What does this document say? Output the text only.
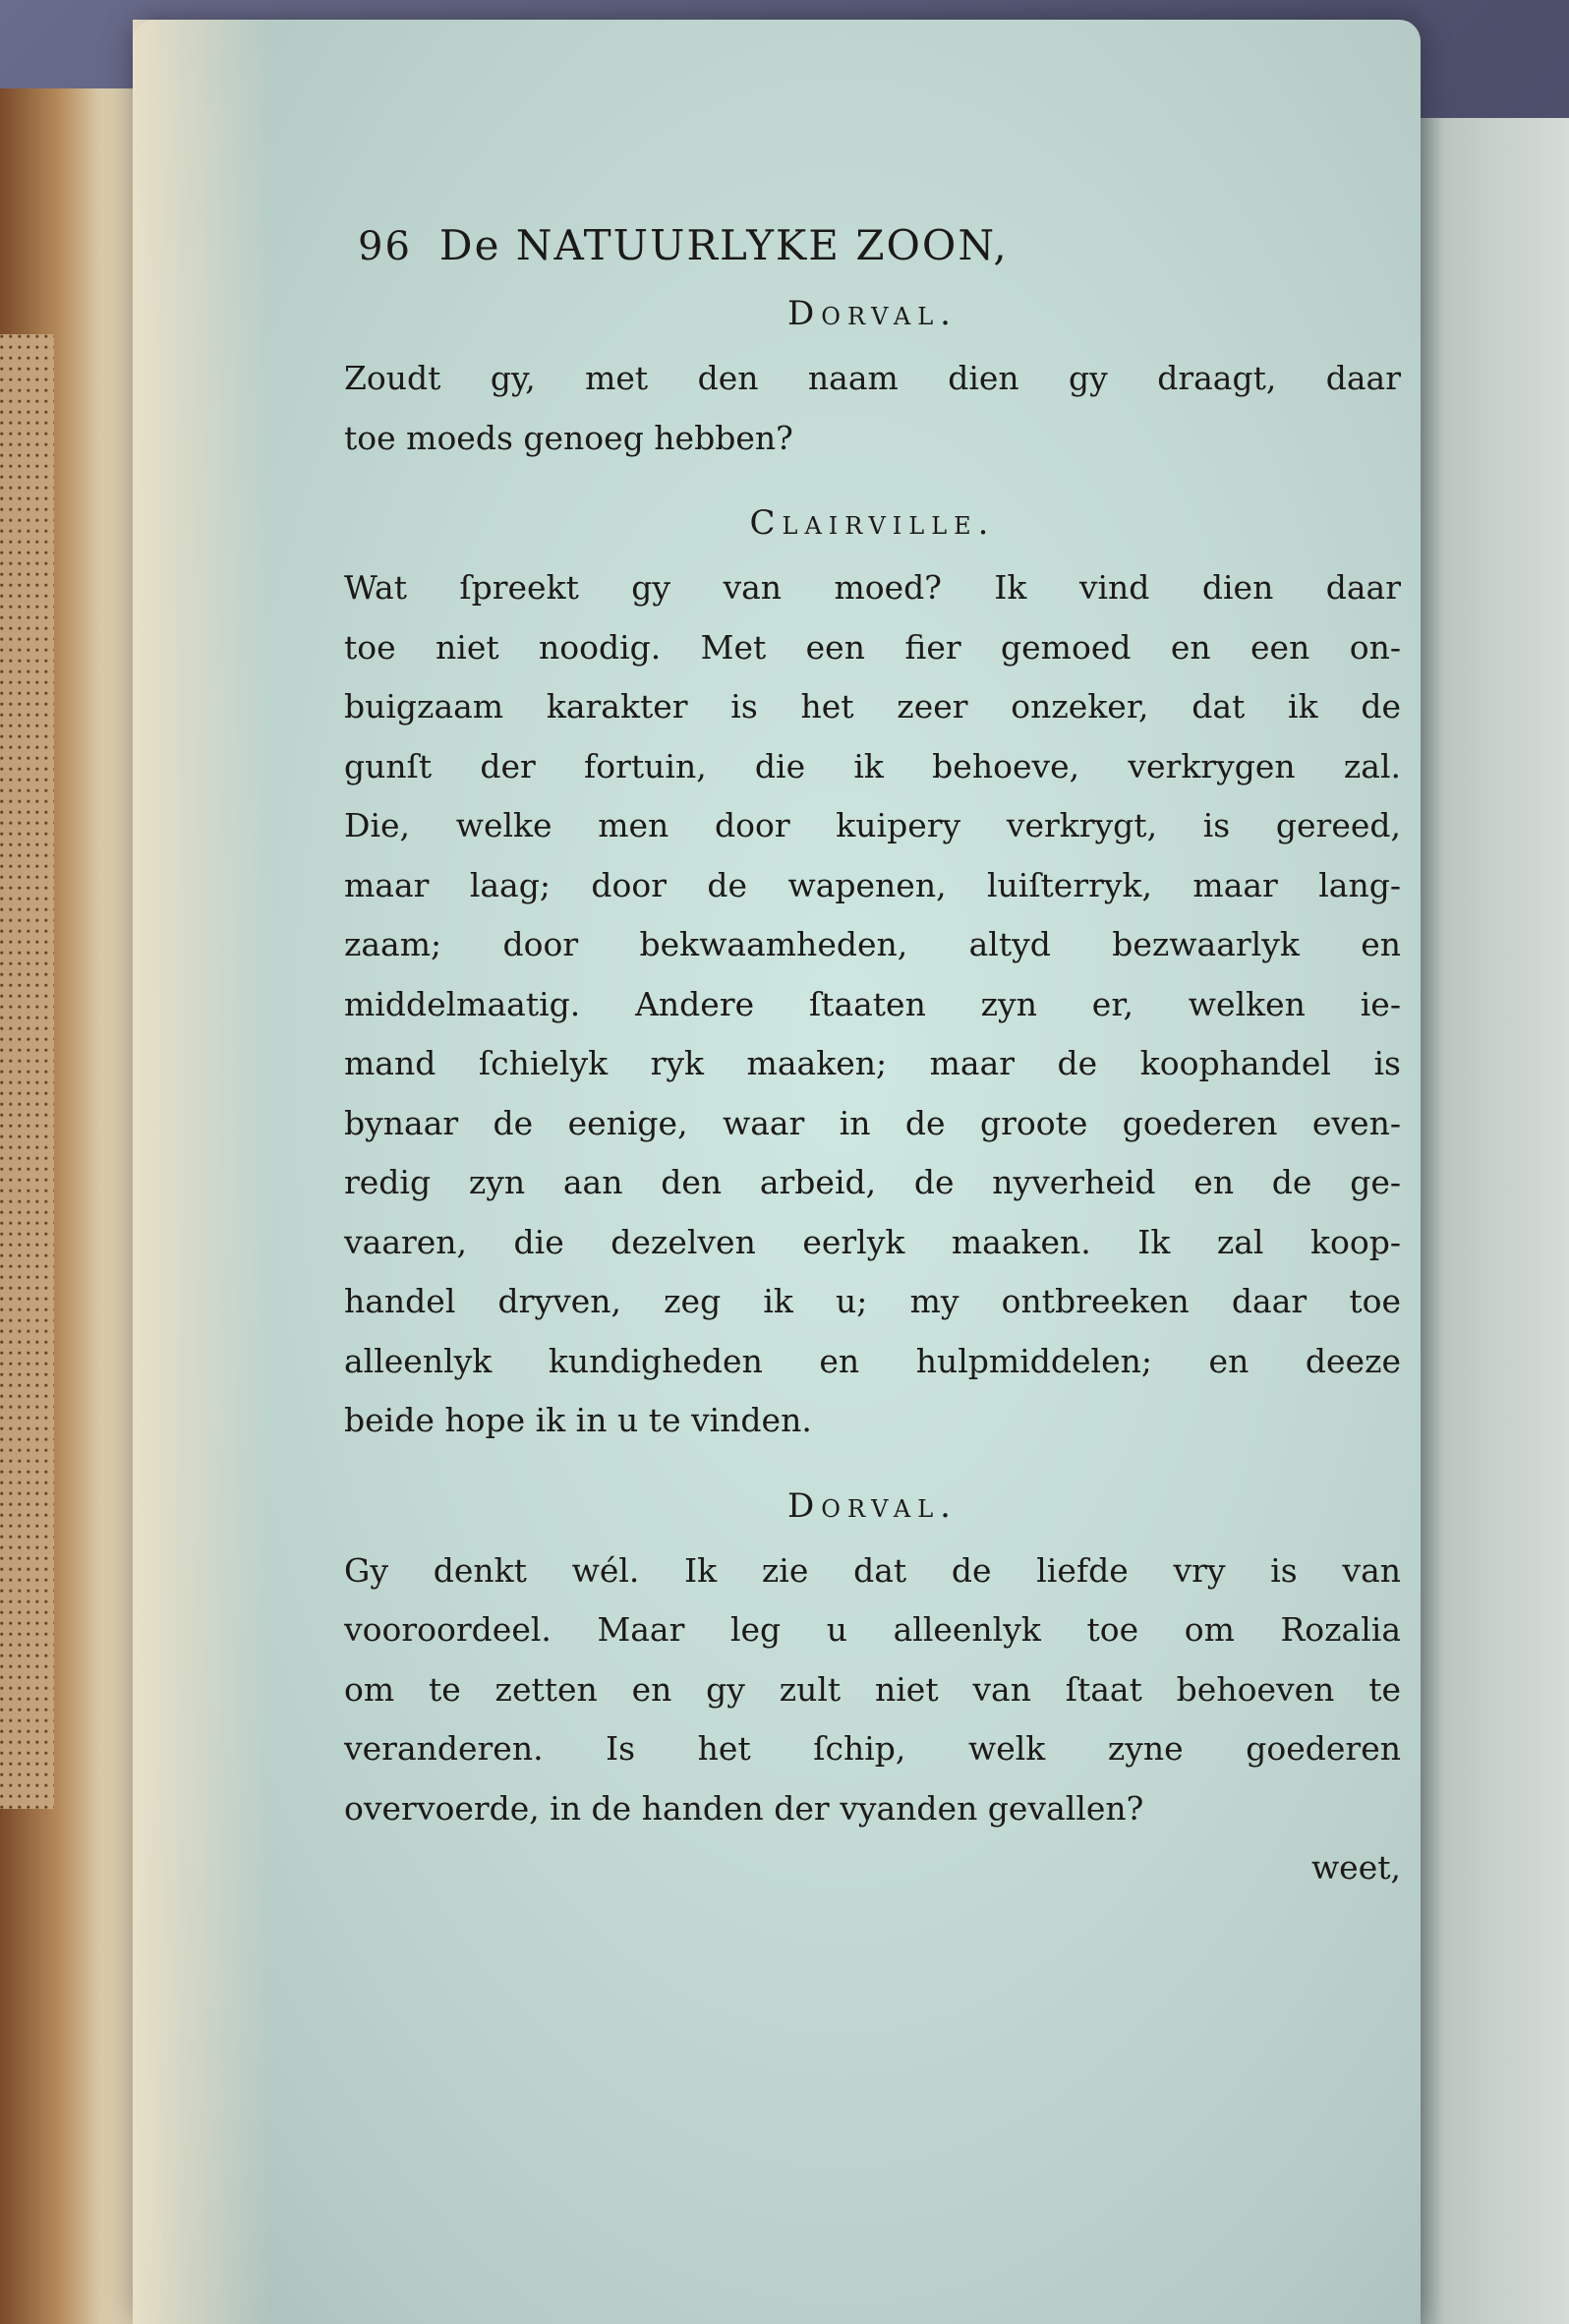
96 De NATUURLYKE ZOON,
Dorval.
Zoudt gy, met den naam dien gy draagt, daar
toe moeds genoeg hebben?
Clairville.
Wat ſpreekt gy van moed? Ik vind dien daar
toe niet noodig. Met een fier gemoed en een on-
buigzaam karakter is het zeer onzeker, dat ik de
gunſt der fortuin, die ik behoeve, verkrygen zal.
Die, welke men door kuipery verkrygt, is gereed,
maar laag; door de wapenen, luiſterryk, maar lang-
zaam; door bekwaamheden, altyd bezwaarlyk en
middelmaatig. Andere ſtaaten zyn er, welken ie-
mand ſchielyk ryk maaken; maar de koophandel is
bynaar de eenige, waar in de groote goederen even-
redig zyn aan den arbeid, de nyverheid en de ge-
vaaren, die dezelven eerlyk maaken. Ik zal koop-
handel dryven, zeg ik u; my ontbreeken daar toe
alleenlyk kundigheden en hulpmiddelen; en deeze
beide hope ik in u te vinden.
Dorval.
Gy denkt wél. Ik zie dat de liefde vry is van
vooroordeel. Maar leg u alleenlyk toe om Rozalia
om te zetten en gy zult niet van ſtaat behoeven te
veranderen. Is het ſchip, welk zyne goederen
overvoerde, in de handen der vyanden gevallen?
weet,
